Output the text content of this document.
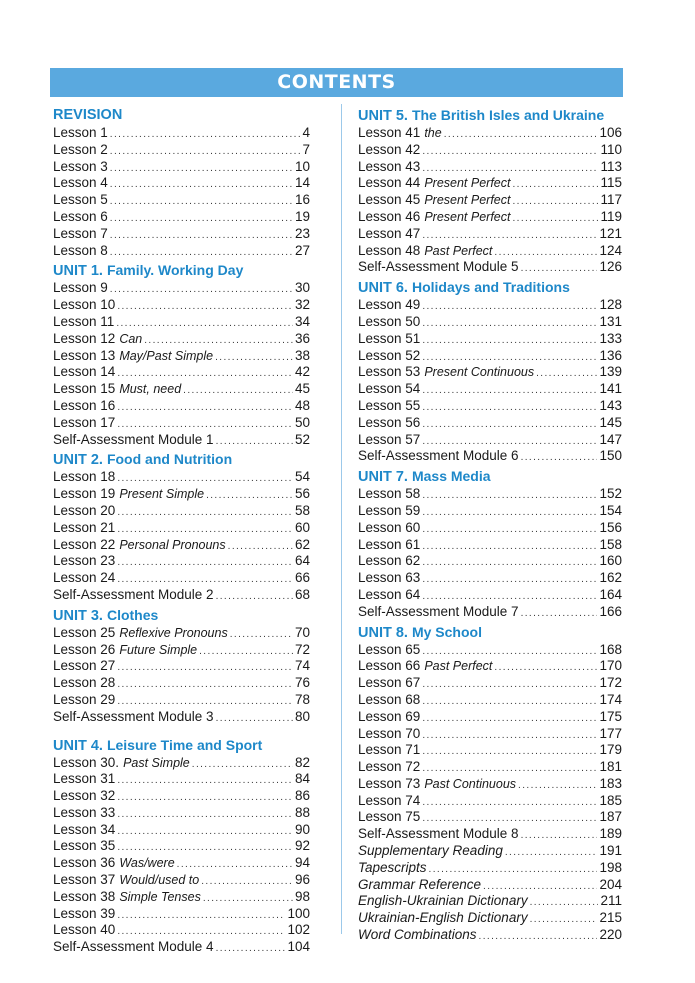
CONTENTS
REVISION
Lesson 1 .....	4
Lesson 2 .....	7
Lesson 3 .....	10
Lesson 4 .....	14
Lesson 5 .....	16
Lesson 6 .....	19
Lesson 7 .....	23
Lesson 8 .....	27
UNIT 1. Family. Working Day
Lesson 9 .....	30
Lesson 10 .....	32
Lesson 11 .....	34
Lesson 12 Can .....	36
Lesson 13 May/Past Simple .....	38
Lesson 14 .....	42
Lesson 15 Must, need .....	45
Lesson 16 .....	48
Lesson 17 .....	50
Self-Assessment Module 1 .....	52
UNIT 2. Food and Nutrition
Lesson 18 .....	54
Lesson 19 Present Simple .....	56
Lesson 20 .....	58
Lesson 21 .....	60
Lesson 22 Personal Pronouns .....	62
Lesson 23 .....	64
Lesson 24 .....	66
Self-Assessment Module 2 .....	68
UNIT 3. Clothes
Lesson 25 Reflexive Pronouns .....	70
Lesson 26 Future Simple .....	72
Lesson 27 .....	74
Lesson 28 .....	76
Lesson 29 .....	78
Self-Assessment Module 3 .....	80
UNIT 4. Leisure Time and Sport
Lesson 30. Past Simple .....	82
Lesson 31 .....	84
Lesson 32 .....	86
Lesson 33 .....	88
Lesson 34 .....	90
Lesson 35 .....	92
Lesson 36 Was/were .....	94
Lesson 37 Would/used to .....	96
Lesson 38 Simple Tenses .....	98
Lesson 39 .....	100
Lesson 40 .....	102
Self-Assessment Module 4 .....	104
UNIT 5. The British Isles and Ukraine
Lesson 41 the .....	106
Lesson 42 .....	110
Lesson 43 .....	113
Lesson 44 Present Perfect .....	115
Lesson 45 Present Perfect .....	117
Lesson 46 Present Perfect .....	119
Lesson 47 .....	121
Lesson 48 Past Perfect .....	124
Self-Assessment Module 5 .....	126
UNIT 6. Holidays and Traditions
Lesson 49 .....	128
Lesson 50 .....	131
Lesson 51 .....	133
Lesson 52 .....	136
Lesson 53 Present Continuous .....	139
Lesson 54 .....	141
Lesson 55 .....	143
Lesson 56 .....	145
Lesson 57 .....	147
Self-Assessment Module 6 .....	150
UNIT 7. Mass Media
Lesson 58 .....	152
Lesson 59 .....	154
Lesson 60 .....	156
Lesson 61 .....	158
Lesson 62 .....	160
Lesson 63 .....	162
Lesson 64 .....	164
Self-Assessment Module 7 .....	166
UNIT 8. My School
Lesson 65 .....	168
Lesson 66 Past Perfect .....	170
Lesson 67 .....	172
Lesson 68 .....	174
Lesson 69 .....	175
Lesson 70 .....	177
Lesson 71 .....	179
Lesson 72 .....	181
Lesson 73 Past Continuous .....	183
Lesson 74 .....	185
Lesson 75 .....	187
Self-Assessment Module 8 .....	189
Supplementary Reading .....	191
Tapescripts .....	198
Grammar Reference .....	204
English-Ukrainian Dictionary .....	211
Ukrainian-English Dictionary .....	215
Word Combinations .....	220
